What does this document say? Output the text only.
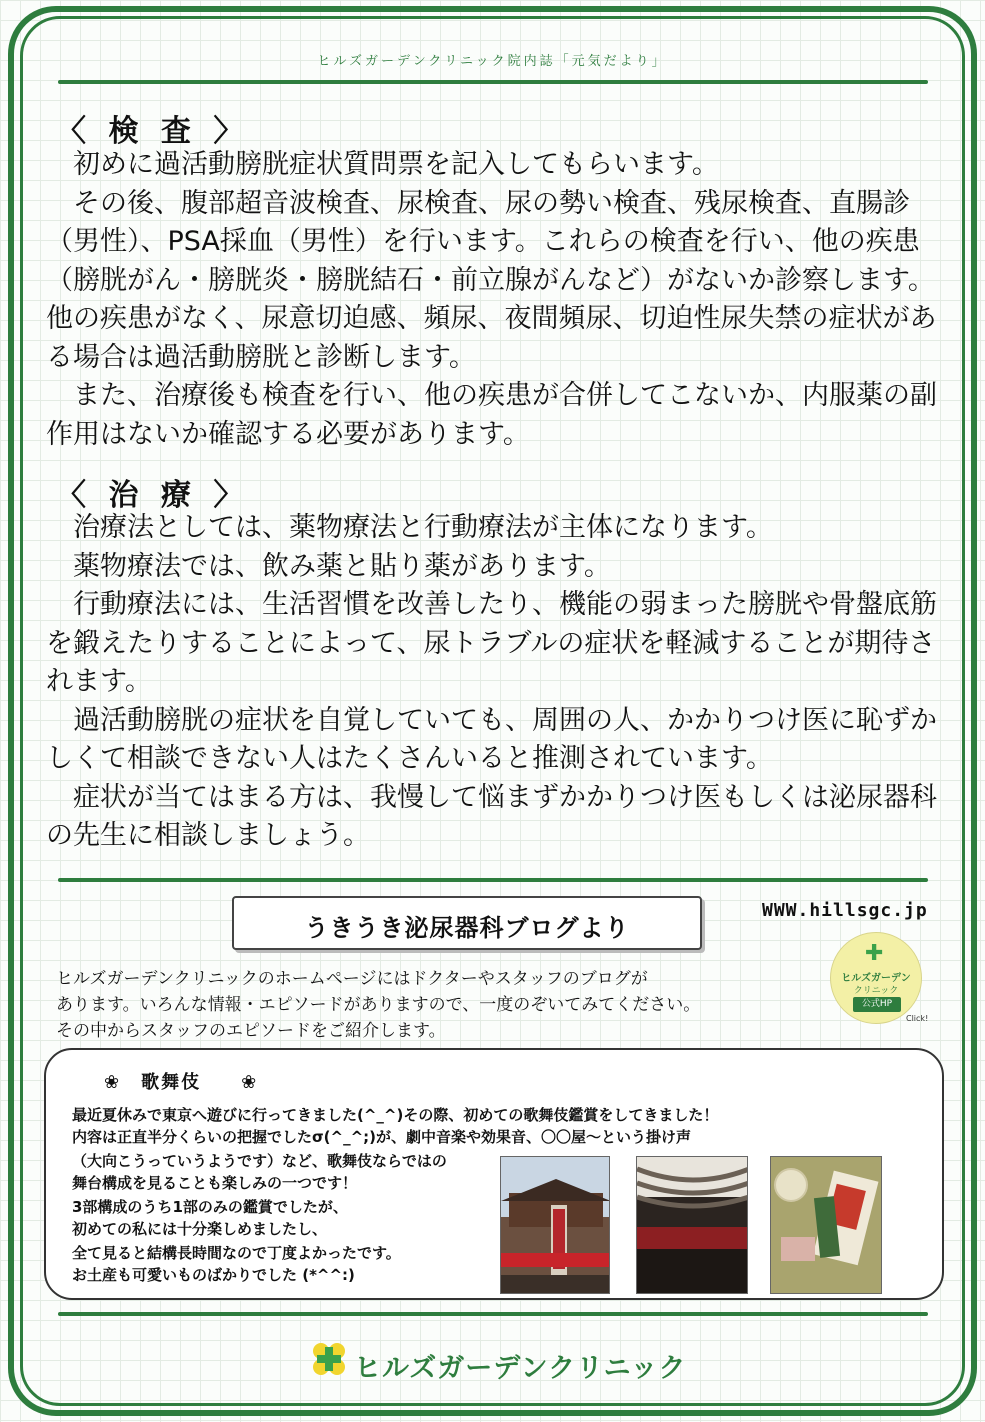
ヒルズガーデンクリニック院内誌「元気だより」
〈 検 査 〉

初めに過活動膀胱症状質問票を記入してもらいます。

その後、腹部超音波検査、尿検査、尿の勢い検査、残尿検査、直腸診（男性）、PSA採血（男性）を行います。これらの検査を行い、他の疾患（膀胱がん・膀胱炎・膀胱結石・前立腺がんなど）がないか診察します。他の疾患がなく、尿意切迫感、頻尿、夜間頻尿、切迫性尿失禁の症状がある場合は過活動膀胱と診断します。

また、治療後も検査を行い、他の疾患が合併してこないか、内服薬の副作用はないか確認する必要があります。

〈 治 療 〉

治療法としては、薬物療法と行動療法が主体になります。

薬物療法では、飲み薬と貼り薬があります。

行動療法には、生活習慣を改善したり、機能の弱まった膀胱や骨盤底筋を鍛えたりすることによって、尿トラブルの症状を軽減することが期待されます。

過活動膀胱の症状を自覚していても、周囲の人、かかりつけ医に恥ずかしくて相談できない人はたくさんいると推測されています。

症状が当てはまる方は、我慢して悩まずかかりつけ医もしくは泌尿器科の先生に相談しましょう。

うきうき泌尿器科ブログより
WWW.hillsgc.jp
ヒルズガーデンクリニックのホームページにはドクターやスタッフのブログが
あります。いろんな情報・エピソードがありますので、一度のぞいてみてください。
その中からスタッフのエピソードをご紹介します。
✚
ヒルズガーデン
クリニック
公式HP
Click!
❀　歌舞伎　　❀
最近夏休みで東京へ遊びに行ってきました(^_^)その際、初めての歌舞伎鑑賞をしてきました！
内容は正直半分くらいの把握でしたσ(^_^;)が、劇中音楽や効果音、〇〇屋～という掛け声
（大向こうっていうようです）など、歌舞伎ならではの
舞台構成を見ることも楽しみの一つです！
3部構成のうち1部のみの鑑賞でしたが、
初めての私には十分楽しめましたし、
全て見ると結構長時間なので丁度よかったです。
お土産も可愛いものばかりでした (*^^:)
ヒルズガーデンクリニック
